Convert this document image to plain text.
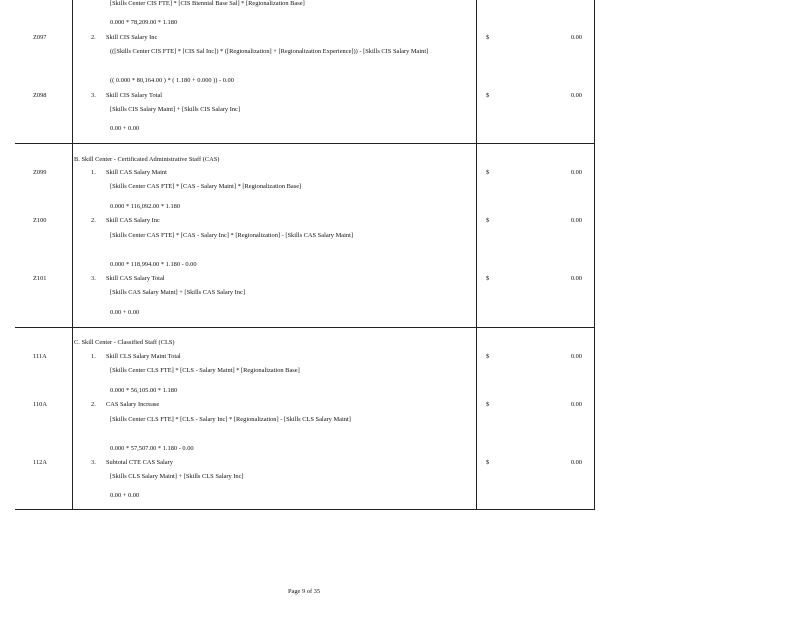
[Skills Center CIS FTE] * [CIS Biennial Base Sal] * [Regionalization Base]
0.000 * 78,209.00 * 1.180
Z097	2. Skill CIS Salary Inc
(([Skills Center CIS FTE] * [CIS Sal Inc]) * ([Regionalization] + [Regionalization Experience])) - [Skills CIS Salary Maint]
(( 0.000 * 80,164.00 ) * ( 1.180 + 0.000 )) - 0.00
$	0.00
Z098	3. Skill CIS Salary Total
[Skills CIS Salary Maint] + [Skills CIS Salary Inc]
0.00 + 0.00
$	0.00
B. Skill Center - Certificated Administrative Staff (CAS)
Z099	1. Skill CAS Salary Maint
[Skills Center CAS FTE] * [CAS - Salary Maint] * [Regionalization Base]
0.000 * 116,092.00 * 1.180
$	0.00
Z100	2. Skill CAS Salary Inc
[Skills Center CAS FTE] * [CAS - Salary Inc] * [Regionalization] - [Skills CAS Salary Maint]
0.000 * 118,994.00 * 1.180 - 0.00
$	0.00
Z101	3. Skill CAS Salary Total
[Skills CAS Salary Maint] + [Skills CAS Salary Inc]
0.00 + 0.00
$	0.00
C. Skill Center - Classified Staff (CLS)
111A	1. Skill CLS Salary Maint Total
[Skills Center CLS FTE] * [CLS - Salary Maint] * [Regionalization Base]
0.000 * 56,105.00 * 1.180
$	0.00
110A	2. CAS Salary Increase
[Skills Center CLS FTE] * [CLS - Salary Inc] * [Regionalization] - [Skills CLS Salary Maint]
0.000 * 57,507.00 * 1.180 - 0.00
$	0.00
112A	3. Subtotal CTE CAS Salary
[Skills CLS Salary Maint] + [Skills CLS Salary Inc]
0.00 + 0.00
$	0.00
Page 9 of 35
